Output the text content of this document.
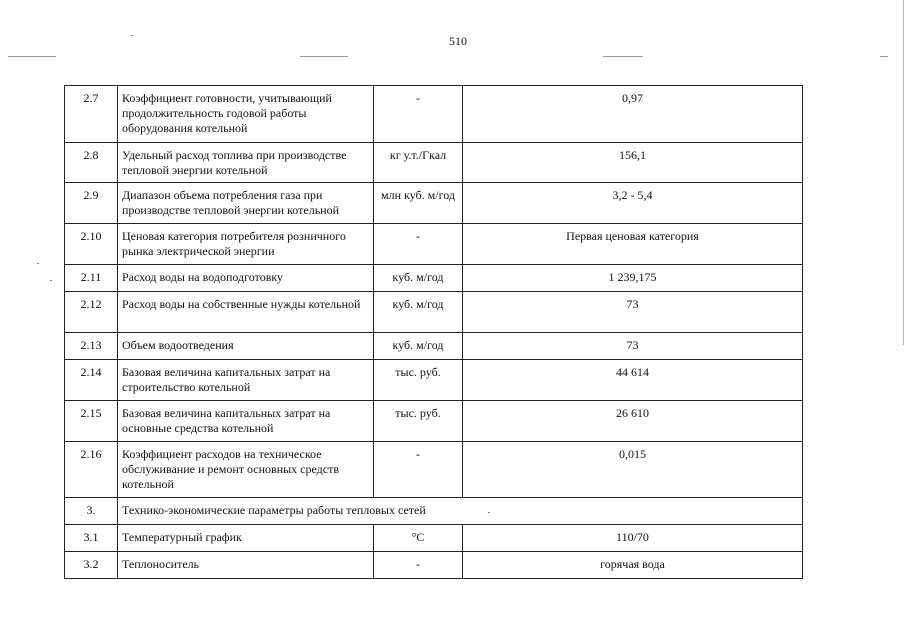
510
2.7	Коэффициент готовности, учитывающий продолжительность годовой работы оборудования котельной	-	0,97
2.8	Удельный расход топлива при производстве тепловой энергии котельной	кг у.т./Гкал	156,1
2.9	Диапазон объема потребления газа при производстве тепловой энергии котельной	млн куб. м/год	3,2 - 5,4
2.10	Ценовая категория потребителя розничного рынка электрической энергии	-	Первая ценовая категория
2.11	Расход воды на водоподготовку	куб. м/год	1 239,175
2.12	Расход воды на собственные нужды котельной	куб. м/год	73
2.13	Объем водоотведения	куб. м/год	73
2.14	Базовая величина капитальных затрат на строительство котельной	тыс. руб.	44 614
2.15	Базовая величина капитальных затрат на основные средства котельной	тыс. руб.	26 610
2.16	Коэффициент расходов на техническое обслуживание и ремонт основных средств котельной	-	0,015
3.	Технико-экономические параметры работы тепловых сетей		
3.1	Температурный график	°С	110/70
3.2	Теплоноситель	-	горячая вода
